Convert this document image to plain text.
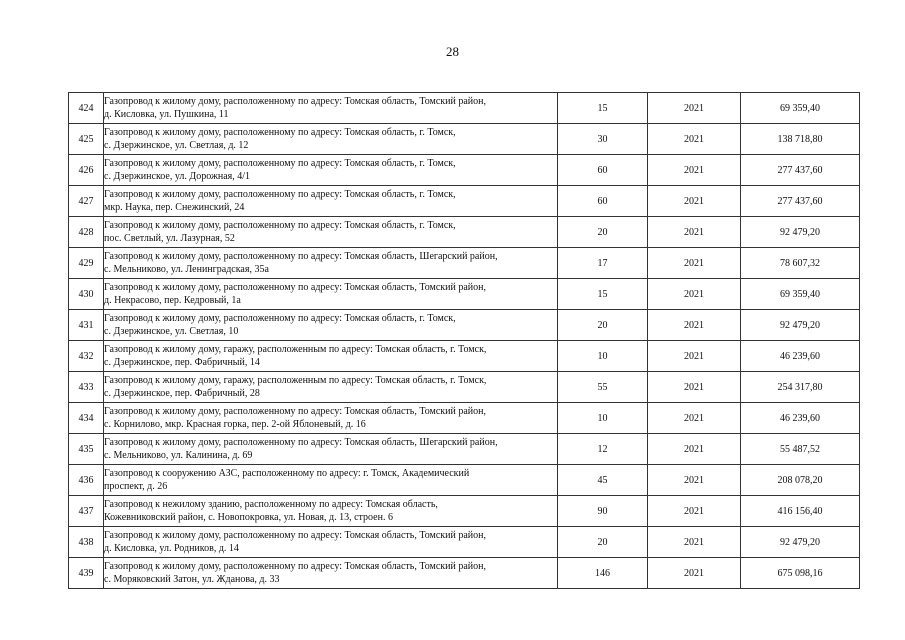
28
424	Газопровод к жилому дому, расположенному по адресу: Томская область, Томский район,
д. Кисловка, ул. Пушкина, 11	15	2021	69 359,40
425	Газопровод к жилому дому, расположенному по адресу: Томская область, г. Томск,
с. Дзержинское, ул. Светлая, д. 12	30	2021	138 718,80
426	Газопровод к жилому дому, расположенному по адресу: Томская область, г. Томск,
с. Дзержинское, ул. Дорожная, 4/1	60	2021	277 437,60
427	Газопровод к жилому дому, расположенному по адресу: Томская область, г. Томск,
мкр. Наука, пер. Снежинский, 24	60	2021	277 437,60
428	Газопровод к жилому дому, расположенному по адресу: Томская область, г. Томск,
пос. Светлый, ул. Лазурная, 52	20	2021	92 479,20
429	Газопровод к жилому дому, расположенному по адресу: Томская область, Шегарский район,
с. Мельниково, ул. Ленинградская, 35а	17	2021	78 607,32
430	Газопровод к жилому дому, расположенному по адресу: Томская область, Томский район,
д. Некрасово, пер. Кедровый, 1а	15	2021	69 359,40
431	Газопровод к жилому дому, расположенному по адресу: Томская область, г. Томск,
с. Дзержинское, ул. Светлая, 10	20	2021	92 479,20
432	Газопровод к жилому дому, гаражу, расположенным по адресу: Томская область, г. Томск,
с. Дзержинское, пер. Фабричный, 14	10	2021	46 239,60
433	Газопровод к жилому дому, гаражу, расположенным по адресу: Томская область, г. Томск,
с. Дзержинское, пер. Фабричный, 28	55	2021	254 317,80
434	Газопровод к жилому дому, расположенному по адресу: Томская область, Томский район,
с. Корнилово, мкр. Красная горка, пер. 2-ой Яблоневый, д. 16	10	2021	46 239,60
435	Газопровод к жилому дому, расположенному по адресу: Томская область, Шегарский район,
с. Мельниково, ул. Калинина, д. 69	12	2021	55 487,52
436	Газопровод к сооружению АЗС, расположенному по адресу: г. Томск, Академический
проспект, д. 26	45	2021	208 078,20
437	Газопровод к нежилому зданию, расположенному по адресу: Томская область,
Кожевниковский район, с. Новопокровка, ул. Новая, д. 13, строен. 6	90	2021	416 156,40
438	Газопровод к жилому дому, расположенному по адресу: Томская область, Томский район,
д. Кисловка, ул. Родников, д. 14	20	2021	92 479,20
439	Газопровод к жилому дому, расположенному по адресу: Томская область, Томский район,
с. Моряковский Затон, ул. Жданова, д. 33	146	2021	675 098,16
